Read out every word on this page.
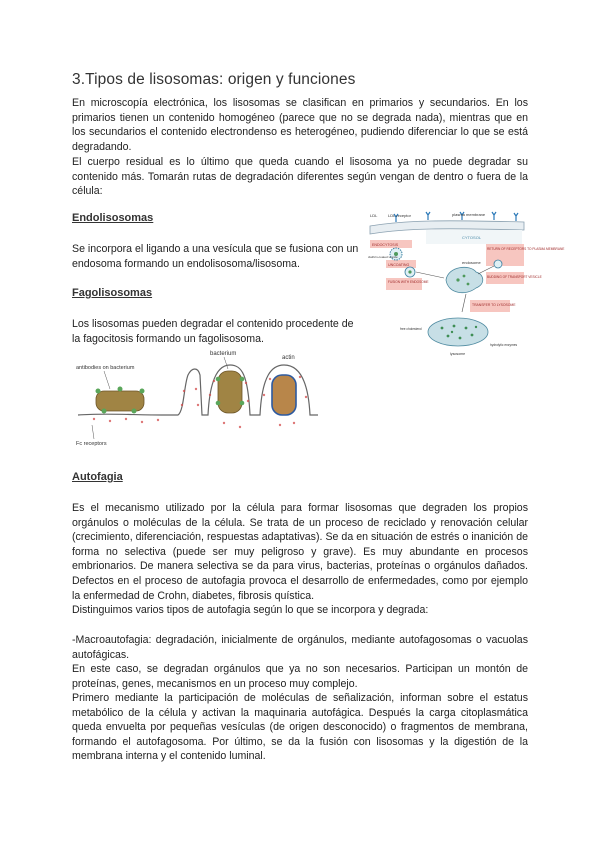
3.Tipos de lisosomas: origen y funciones

En microscopía electrónica, los lisosomas se clasifican en primarios y secundarios. En los primarios tienen un contenido homogéneo (parece que no se degrada nada), mientras que en los secundarios el contenido electrondenso es heterogéneo, pudiendo diferenciar lo que se está degradando.

El cuerpo residual es lo último que queda cuando el lisosoma ya no puede degradar su contenido más. Tomarán rutas de degradación diferentes según vengan de dentro o fuera de la célula:

Endolisosomas

Se incorpora el ligando a una vesícula que se fusiona con un endosoma formando un endolisosoma/lisosoma.

Fagolisosomas

Los lisosomas pueden degradar el contenido procedente de la fagocitosis formando un fagolisosoma.

LDL	LDL receptor	plasma membrane
CYTOSOL
ENDOCYTOSIS
UNCOATING
FUSION WITH ENDOSOME
RETURN OF RECEPTORS TO PLASMA MEMBRANE
BUDDING OF TRANSPORT VESICLE
TRANSFER TO LYSOSOME
clathrin-coated vesicle
endosome
free cholesterol
hydrolytic enzymes
lysosome
bacterium
actin
antibodies on bacterium
Fc receptors

Autofagia

Es el mecanismo utilizado por la célula para formar lisosomas que degraden los propios orgánulos o moléculas de la célula. Se trata de un proceso de reciclado y renovación celular (crecimiento, diferenciación, respuestas adaptativas). Se da en situación de estrés o inanición de forma no selectiva (puede ser muy peligroso y grave). Es muy abundante en procesos embrionarios. De manera selectiva se da para virus, bacterias, proteínas o orgánulos dañados. Defectos en el proceso de autofagia provoca el desarrollo de enfermedades, como por ejemplo la enfermedad de Crohn, diabetes, fibrosis quística.

Distinguimos varios tipos de autofagia según lo que se incorpora y degrada:

-Macroautofagia: degradación, inicialmente de orgánulos, mediante autofagosomas o vacuolas autofágicas.

En este caso, se degradan orgánulos que ya no son necesarios. Participan un montón de proteínas, genes, mecanismos en un proceso muy complejo.

Primero mediante la participación de moléculas de señalización, informan sobre el estatus metabólico de la célula y activan la maquinaria autofágica. Después la carga citoplasmática queda envuelta por pequeñas vesículas (de origen desconocido) o fragmentos de membrana, formando el autofagosoma. Por último, se da la fusión con lisosomas y la digestión de la membrana interna y el contenido luminal.
